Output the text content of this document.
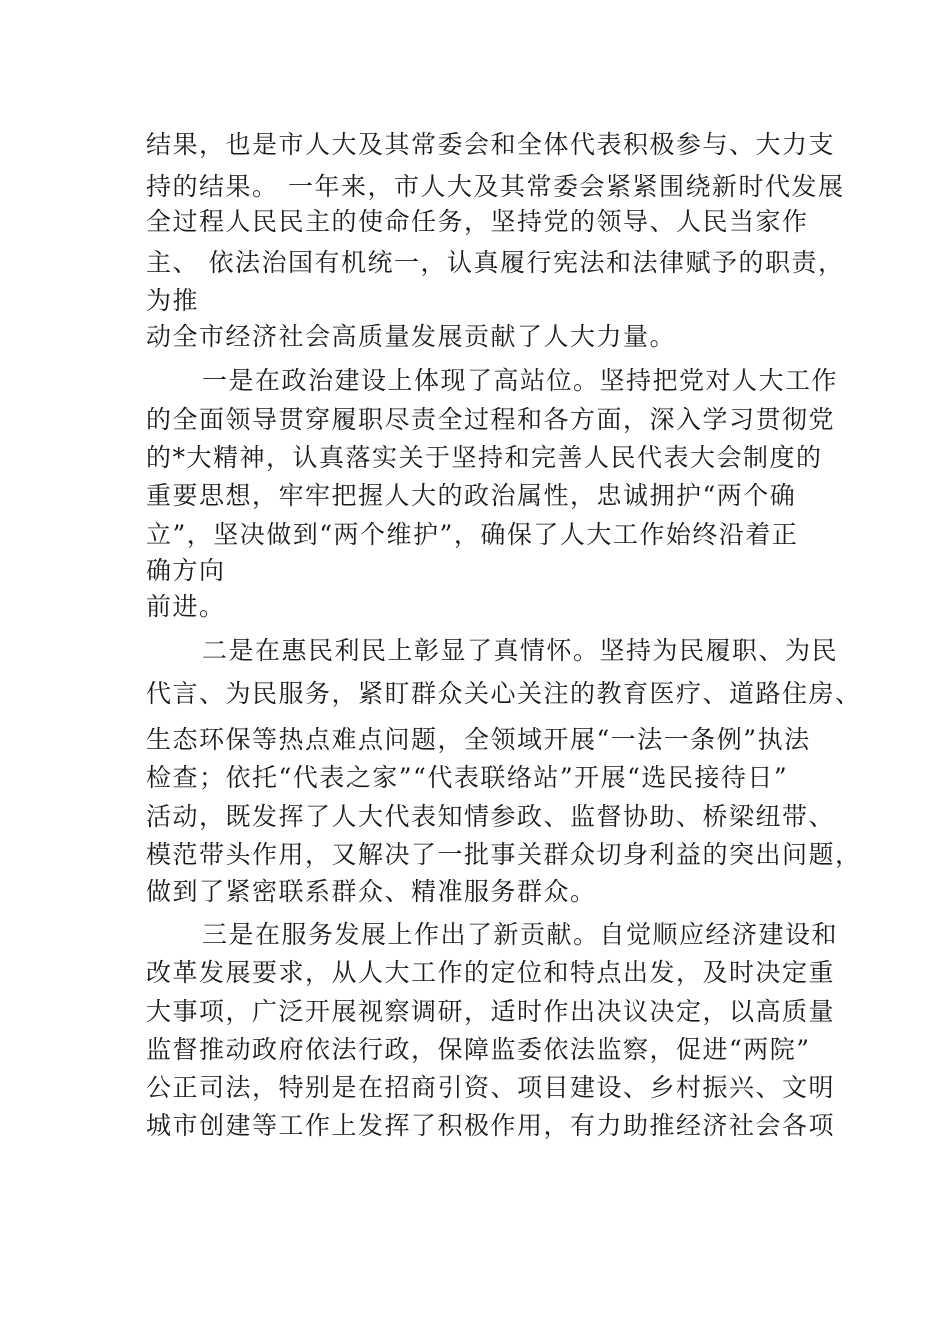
结果，也是市人大及其常委会和全体代表积极参与、大力支
持的结果。 一年来，市人大及其常委会紧紧围绕新时代发展
全过程人民民主的使命任务，坚持党的领导、人民当家作
主、 依法治国有机统一，认真履行宪法和法律赋予的职责，
为推
动全市经济社会高质量发展贡献了人大力量。
一是在政治建设上体现了高站位。坚持把党对人大工作
的全面领导贯穿履职尽责全过程和各方面，深入学习贯彻党
的*大精神，认真落实关于坚持和完善人民代表大会制度的
重要思想，牢牢把握人大的政治属性，忠诚拥护“两个确
立”，坚决做到“两个维护”，确保了人大工作始终沿着正
确方向
前进。
二是在惠民利民上彰显了真情怀。坚持为民履职、为民
代言、为民服务，紧盯群众关心关注的教育医疗、道路住房、
生态环保等热点难点问题，全领域开展“一法一条例”执法
检查；依托“代表之家”“代表联络站”开展“选民接待日”
活动，既发挥了人大代表知情参政、监督协助、桥梁纽带、
模范带头作用，又解决了一批事关群众切身利益的突出问题，
做到了紧密联系群众、精准服务群众。
三是在服务发展上作出了新贡献。自觉顺应经济建设和
改革发展要求，从人大工作的定位和特点出发，及时决定重
大事项，广泛开展视察调研，适时作出决议决定，以高质量
监督推动政府依法行政，保障监委依法监察，促进“两院”
公正司法，特别是在招商引资、项目建设、乡村振兴、文明
城市创建等工作上发挥了积极作用，有力助推经济社会各项
